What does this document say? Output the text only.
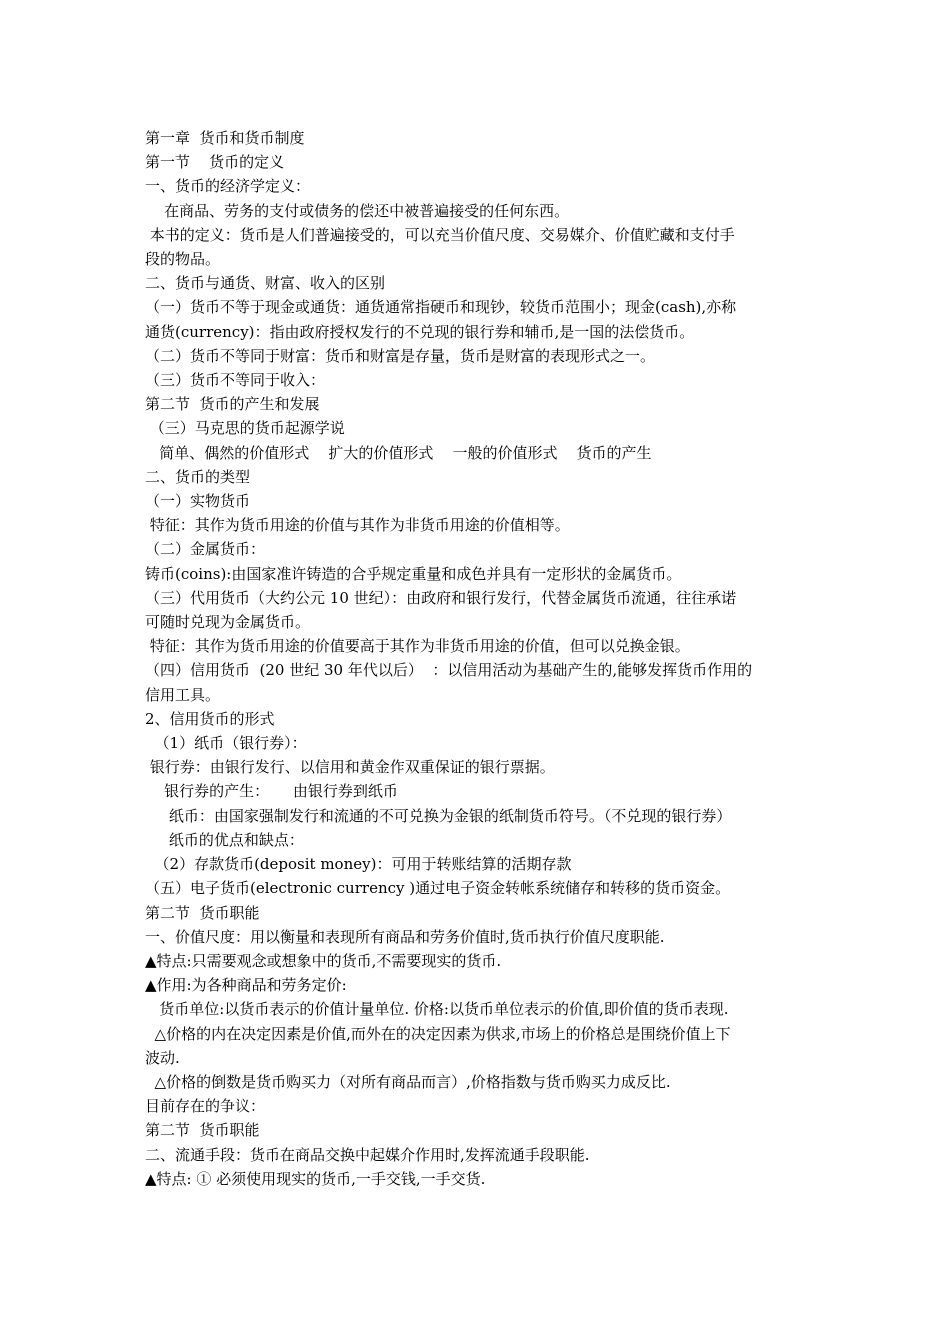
第一章  货币和货币制度

第一节    货币的定义

一、货币的经济学定义：

在商品、劳务的支付或债务的偿还中被普遍接受的任何东西。

本书的定义：货币是人们普遍接受的，可以充当价值尺度、交易媒介、价值贮藏和支付手

段的物品。

二、货币与通货、财富、收入的区别

（一）货币不等于现金或通货：通货通常指硬币和现钞，较货币范围小；现金(cash),亦称

通货(currency)：指由政府授权发行的不兑现的银行券和辅币,是一国的法偿货币。

（二）货币不等同于财富：货币和财富是存量，货币是财富的表现形式之一。

（三）货币不等同于收入：

第二节  货币的产生和发展

（三）马克思的货币起源学说

简单、偶然的价值形式    扩大的价值形式    一般的价值形式    货币的产生

二、货币的类型

（一）实物货币

特征：其作为货币用途的价值与其作为非货币用途的价值相等。

（二）金属货币：

铸币(coins):由国家准许铸造的合乎规定重量和成色并具有一定形状的金属货币。

（三）代用货币（大约公元 10 世纪）：由政府和银行发行，代替金属货币流通，往往承诺

可随时兑现为金属货币。

特征：其作为货币用途的价值要高于其作为非货币用途的价值，但可以兑换金银。

（四）信用货币  (20 世纪 30 年代以后）  ：以信用活动为基础产生的,能够发挥货币作用的

信用工具。

2、信用货币的形式

（1）纸币（银行券）：

银行券：由银行发行、以信用和黄金作双重保证的银行票据。

银行券的产生：     由银行券到纸币

纸币：由国家强制发行和流通的不可兑换为金银的纸制货币符号。（不兑现的银行券）

纸币的优点和缺点：

（2）存款货币(deposit money)：可用于转账结算的活期存款

（五）电子货币(electronic currency )通过电子资金转帐系统储存和转移的货币资金。

第二节  货币职能

一、价值尺度：用以衡量和表现所有商品和劳务价值时,货币执行价值尺度职能.

▲特点:只需要观念或想象中的货币,不需要现实的货币.

▲作用:为各种商品和劳务定价:

货币单位:以货币表示的价值计量单位. 价格:以货币单位表示的价值,即价值的货币表现.

△价格的内在决定因素是价值,而外在的决定因素为供求,市场上的价格总是围绕价值上下

波动.

△价格的倒数是货币购买力（对所有商品而言）,价格指数与货币购买力成反比.

目前存在的争议：

第二节  货币职能

二、流通手段：货币在商品交换中起媒介作用时,发挥流通手段职能.

▲特点: ① 必须使用现实的货币,一手交钱,一手交货.
